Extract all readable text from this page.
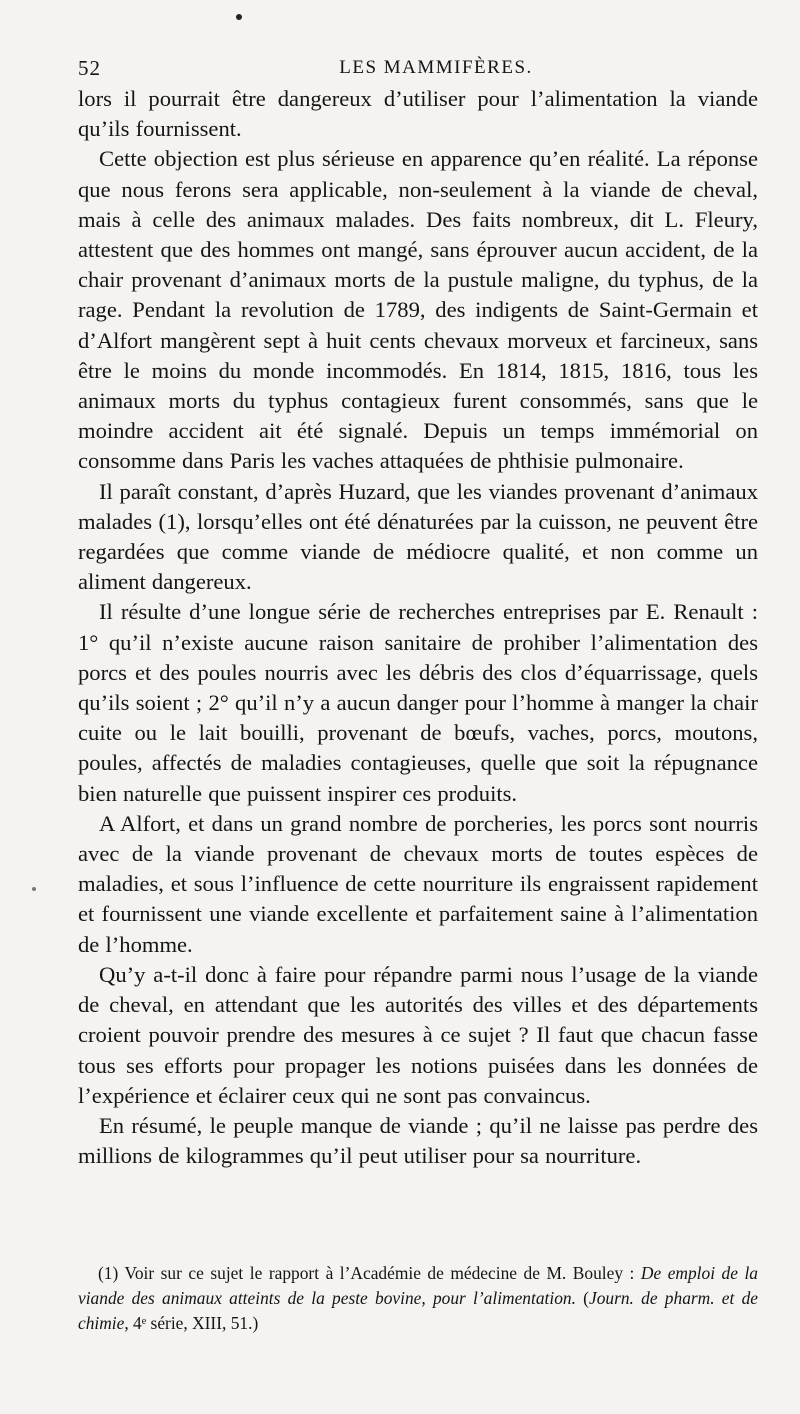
52	LES MAMMIFÈRES.

lors il pourrait être dangereux d’utiliser pour l’alimentation la viande qu’ils fournissent.

Cette objection est plus sérieuse en apparence qu’en réalité. La réponse que nous ferons sera applicable, non-seulement à la viande de cheval, mais à celle des animaux malades. Des faits nombreux, dit L. Fleury, attestent que des hommes ont mangé, sans éprouver aucun accident, de la chair provenant d’animaux morts de la pustule maligne, du typhus, de la rage. Pendant la revolution de 1789, des indigents de Saint-Germain et d’Alfort mangèrent sept à huit cents chevaux morveux et farcineux, sans être le moins du monde incommodés. En 1814, 1815, 1816, tous les animaux morts du typhus contagieux furent consommés, sans que le moindre accident ait été signalé. Depuis un temps immémorial on consomme dans Paris les vaches attaquées de phthisie pulmonaire.

Il paraît constant, d’après Huzard, que les viandes provenant d’animaux malades (1), lorsqu’elles ont été dénaturées par la cuisson, ne peuvent être regardées que comme viande de médiocre qualité, et non comme un aliment dangereux.

Il résulte d’une longue série de recherches entreprises par E. Renault : 1° qu’il n’existe aucune raison sanitaire de prohiber l’alimentation des porcs et des poules nourris avec les débris des clos d’équarrissage, quels qu’ils soient ; 2° qu’il n’y a aucun danger pour l’homme à manger la chair cuite ou le lait bouilli, provenant de bœufs, vaches, porcs, moutons, poules, affectés de maladies contagieuses, quelle que soit la répugnance bien naturelle que puissent inspirer ces produits.

A Alfort, et dans un grand nombre de porcheries, les porcs sont nourris avec de la viande provenant de chevaux morts de toutes espèces de maladies, et sous l’influence de cette nourriture ils engraissent rapidement et fournissent une viande excellente et parfaitement saine à l’alimentation de l’homme.

Qu’y a-t-il donc à faire pour répandre parmi nous l’usage de la viande de cheval, en attendant que les autorités des villes et des départements croient pouvoir prendre des mesures à ce sujet ? Il faut que chacun fasse tous ses efforts pour propager les notions puisées dans les données de l’expérience et éclairer ceux qui ne sont pas convaincus.

En résumé, le peuple manque de viande ; qu’il ne laisse pas perdre des millions de kilogrammes qu’il peut utiliser pour sa nourriture.

(1) Voir sur ce sujet le rapport à l’Académie de médecine de M. Bouley : De emploi de la viande des animaux atteints de la peste bovine, pour l’alimentation. (Journ. de pharm. et de chimie, 4ᵉ série, XIII, 51.)
